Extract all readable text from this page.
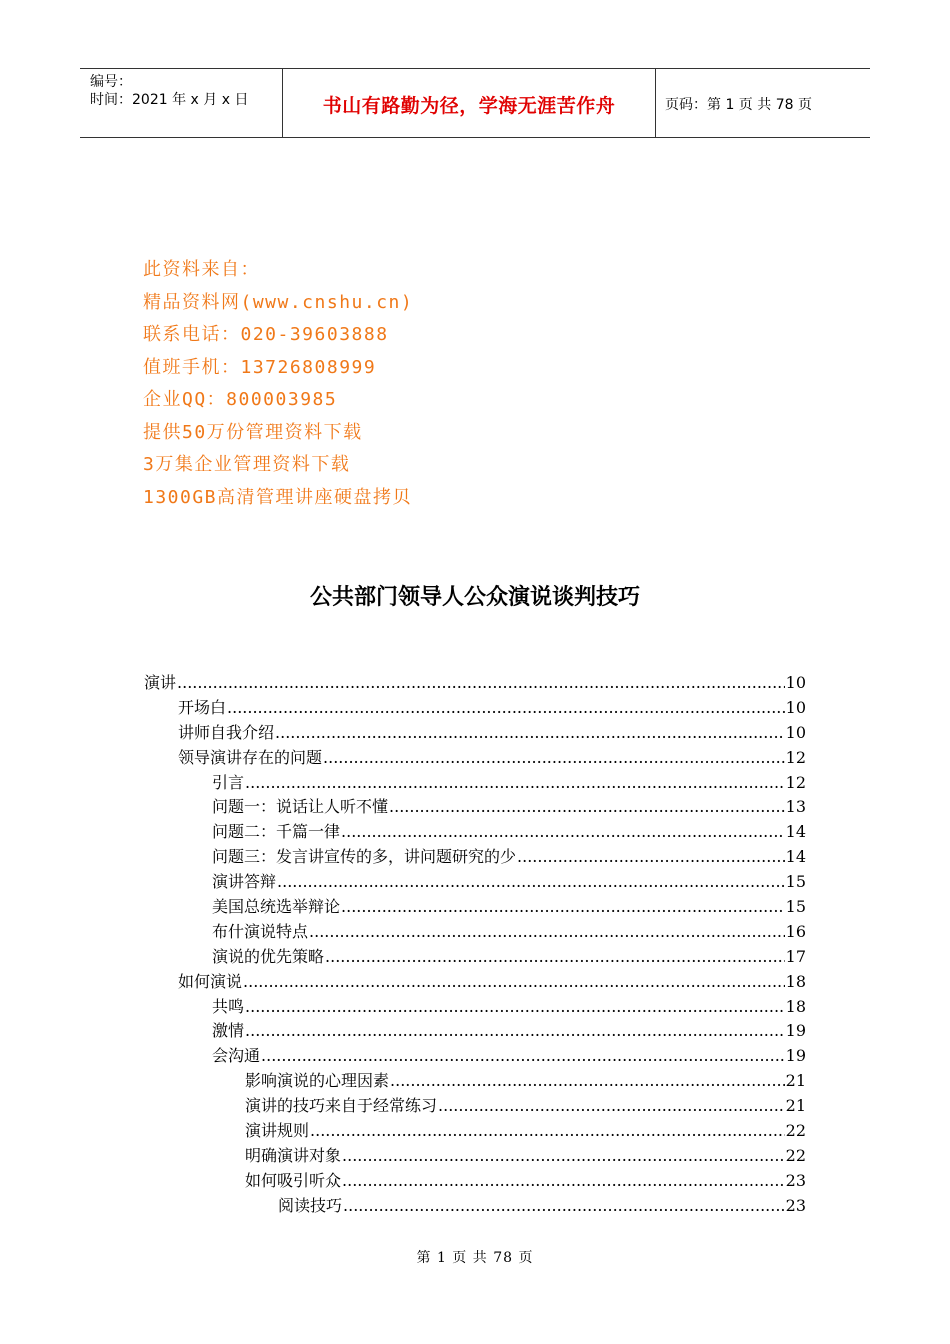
编号：
时间：2021 年 x 月 x 日	书山有路勤为径，学海无涯苦作舟	页码：第 1 页 共 78 页
此资料来自：
精品资料网(www.cnshu.cn)
联系电话：020-39603888
值班手机：13726808999
企业QQ：800003985
提供50万份管理资料下载
3万集企业管理资料下载
1300GB高清管理讲座硬盘拷贝
公共部门领导人公众演说谈判技巧
演讲 .....	10
开场白 .....	10
讲师自我介绍 .....	10
领导演讲存在的问题 .....	12
引言 .....	12
问题一：说话让人听不懂 .....	13
问题二：千篇一律 .....	14
问题三：发言讲宣传的多，讲问题研究的少 .....	14
演讲答辩 .....	15
美国总统选举辩论 .....	15
布什演说特点 .....	16
演说的优先策略 .....	17
如何演说 .....	18
共鸣 .....	18
激情 .....	19
会沟通 .....	19
影响演说的心理因素 .....	21
演讲的技巧来自于经常练习 .....	21
演讲规则 .....	22
明确演讲对象 .....	22
如何吸引听众 .....	23
阅读技巧 .....	23
第 1 页 共 78 页
